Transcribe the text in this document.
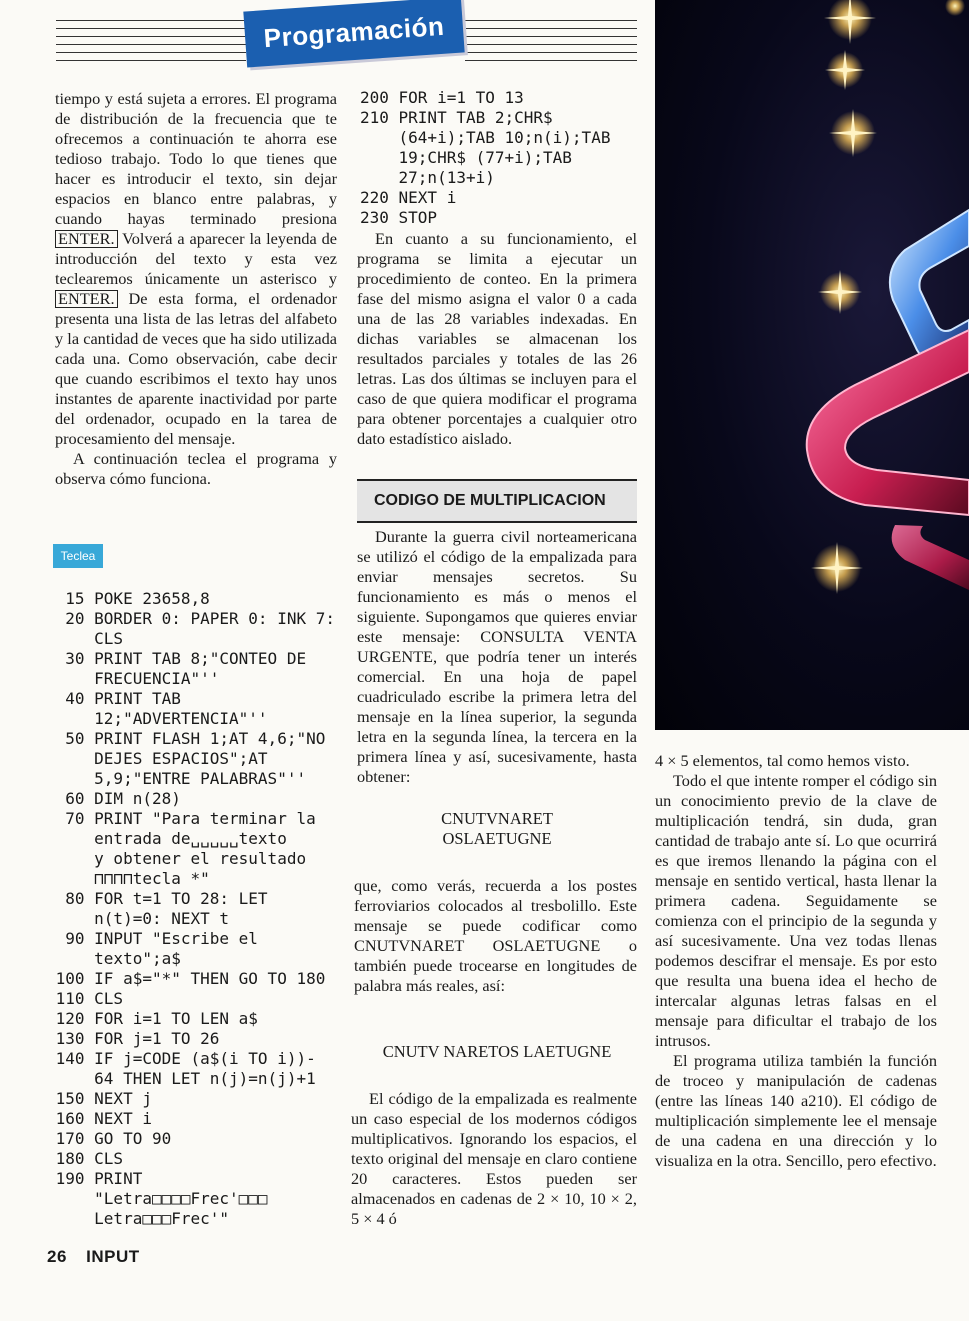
Programación

tiempo y está sujeta a errores. El programa de distribución de la frecuencia que te ofrecemos a continuación te ahorra ese tedioso trabajo. Todo lo que tienes que hacer es introducir el texto, sin dejar espacios en blanco entre palabras, y cuando hayas terminado presiona ENTER. Volverá a aparecer la leyenda de introducción del texto y esta vez teclearemos únicamente un asterisco y ENTER. De esta forma, el ordenador presenta una lista de las letras del alfabeto y la cantidad de veces que ha sido utilizada cada una. Como observación, cabe decir que cuando escribimos el texto hay unos instantes de aparente inactividad por parte del ordenador, ocupado en la tarea de procesamiento del mensaje.

A continuación teclea el programa y observa cómo funciona.

Teclea
15 POKE 23658,8
20 BORDER 0: PAPER 0: INK 7:
CLS
30 PRINT TAB 8;"CONTEO DE
FRECUENCIA"''
40 PRINT TAB
12;"ADVERTENCIA"''
50 PRINT FLASH 1;AT 4,6;"NO
DEJES ESPACIOS";AT
5,9;"ENTRE PALABRAS"''
60 DIM n(28)
70 PRINT "Para terminar la
entrada de␣␣␣␣␣texto
y obtener el resultado
⊓⊓⊓⊓tecla *"
80 FOR t=1 TO 28: LET
n(t)=0: NEXT t
90 INPUT "Escribe el
texto";a$
100 IF a$="*" THEN GO TO 180
110 CLS
120 FOR i=1 TO LEN a$
130 FOR j=1 TO 26
140 IF j=CODE (a$(i TO i))-
64 THEN LET n(j)=n(j)+1
150 NEXT j
160 NEXT i
170 GO TO 90
180 CLS
190 PRINT
"Letra□□□□Frec'□□□
Letra□□□Frec'"
200 FOR i=1 TO 13
210 PRINT TAB 2;CHR$
(64+i);TAB 10;n(i);TAB
19;CHR$ (77+i);TAB
27;n(13+i)
220 NEXT i
230 STOP

En cuanto a su funcionamiento, el programa se limita a ejecutar un procedimiento de conteo. En la primera fase del mismo asigna el valor 0 a cada una de las 28 variables indexadas. En dichas variables se almacenan los resultados parciales y totales de las 26 letras. Las dos últimas se incluyen para el caso de que quiera modificar el programa para obtener porcentajes a cualquier otro dato estadístico aislado.

CODIGO DE MULTIPLICACION

Durante la guerra civil norteamericana se utilizó el código de la empalizada para enviar mensajes secretos. Su funcionamiento es más o menos el siguiente. Supongamos que quieres enviar este mensaje: CONSULTA VENTA URGENTE, que podría tener un interés comercial. En una hoja de papel cuadriculado escribe la primera letra del mensaje en la línea superior, la segunda letra en la segunda línea, la tercera en la primera línea y así, sucesivamente, hasta obtener:

CNUTVNARET
OSLAETUGNE

que, como verás, recuerda a los postes ferroviarios colocados al tresbolillo. Este mensaje se puede codificar como CNUTVNARET OSLAETUGNE o también puede trocearse en longitudes de palabra más reales, así:

CNUTV NARETOS LAETUGNE

El código de la empalizada es realmente un caso especial de los modernos códigos multiplicativos. Ignorando los espacios, el texto original del mensaje en claro contiene 20 caracteres. Estos pueden ser almacenados en cadenas de 2 × 10, 10 × 2, 5 × 4 ó

4 × 5 elementos, tal como hemos visto.

Todo el que intente romper el código sin un conocimiento previo de la clave de multiplicación tendrá, sin duda, gran cantidad de trabajo ante sí. Lo que ocurrirá es que iremos llenando la página con el mensaje en sentido vertical, hasta llenar la primera cadena. Seguidamente se comienza con el principio de la segunda y así sucesivamente. Una vez todas llenas podemos descifrar el mensaje. Es por esto que resulta una buena idea el hecho de intercalar algunas letras falsas en el mensaje para dificultar el trabajo de los intrusos.

El programa utiliza también la función de troceo y manipulación de cadenas (entre las líneas 140 a210). El código de multiplicación simplemente lee el mensaje de una cadena en una dirección y lo visualiza en la otra. Sencillo, pero efectivo.

26 INPUT
